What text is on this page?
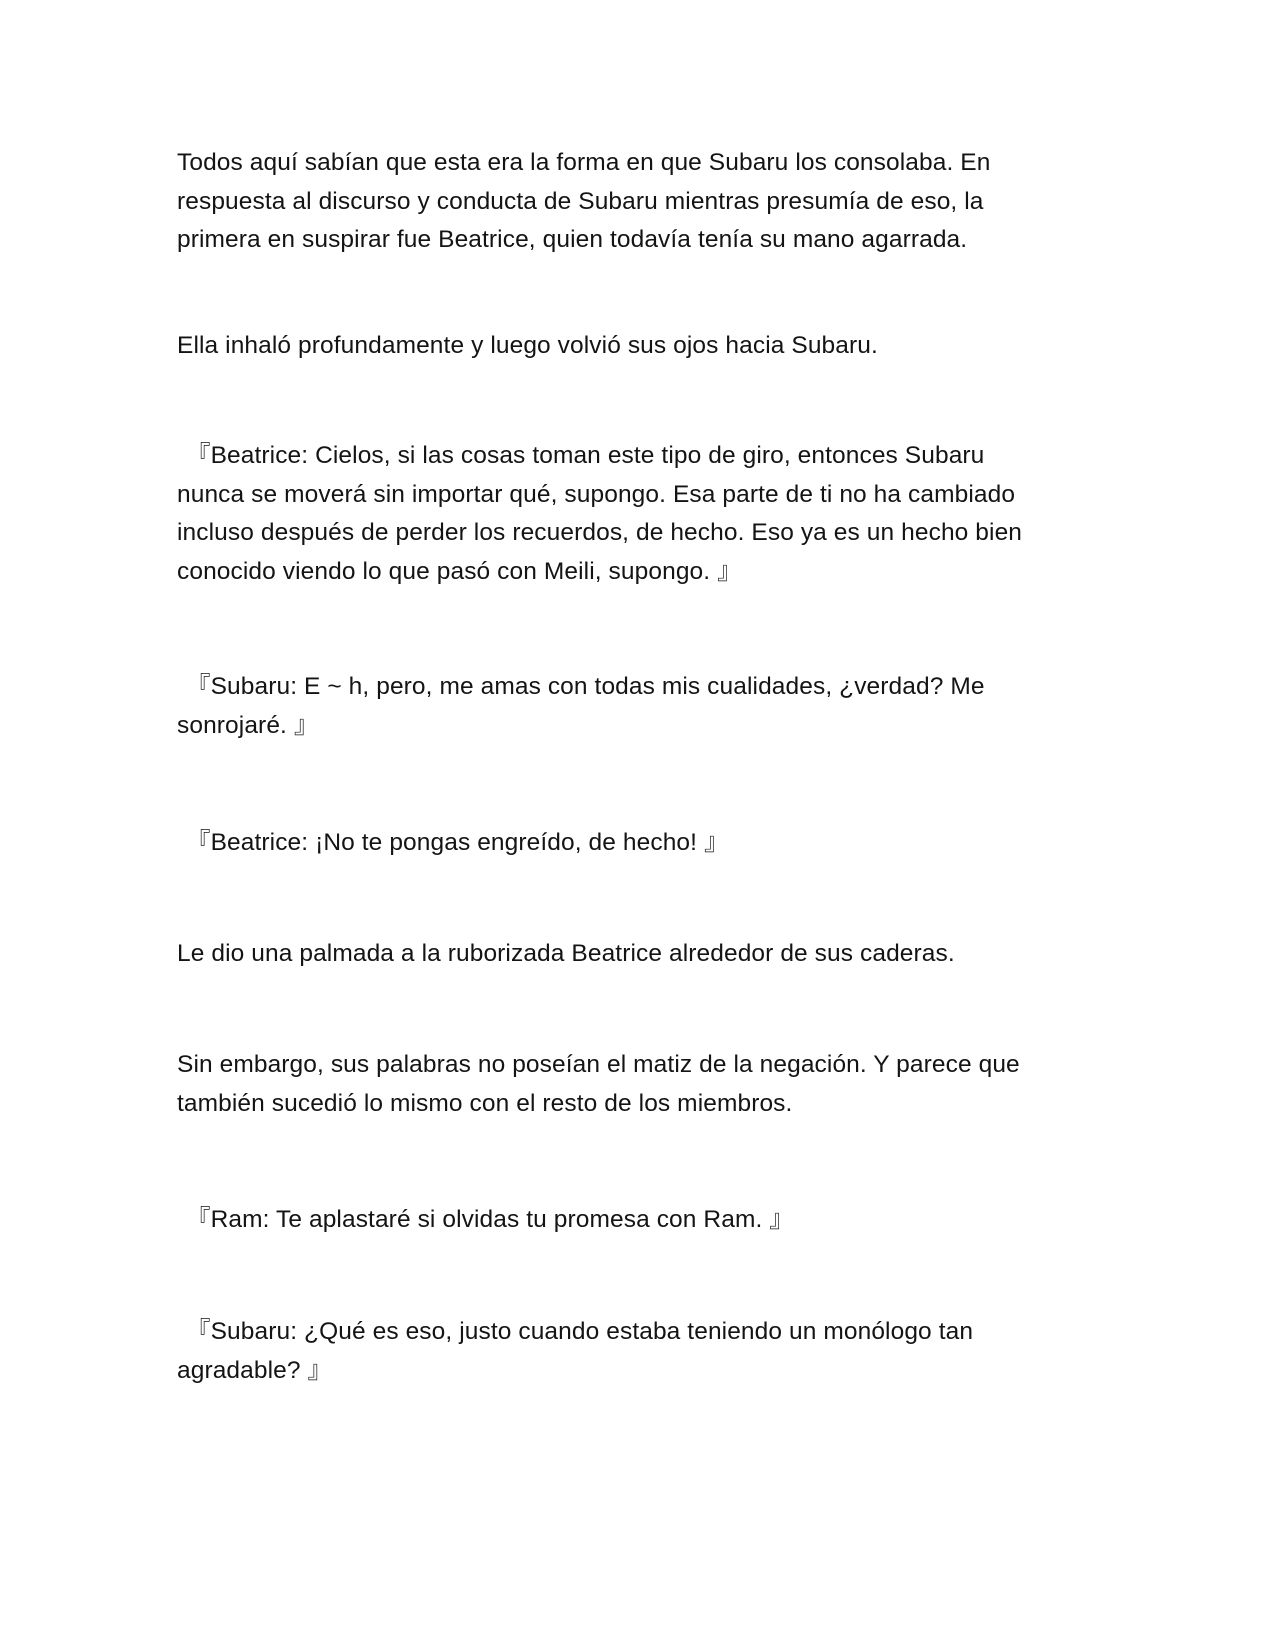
Todos aquí sabían que esta era la forma en que Subaru los consolaba. En
respuesta al discurso y conducta de Subaru mientras presumía de eso, la
primera en suspirar fue Beatrice, quien todavía tenía su mano agarrada.

Ella inhaló profundamente y luego volvió sus ojos hacia Subaru.

『Beatrice: Cielos, si las cosas toman este tipo de giro, entonces Subaru
nunca se moverá sin importar qué, supongo. Esa parte de ti no ha cambiado
incluso después de perder los recuerdos, de hecho. Eso ya es un hecho bien
conocido viendo lo que pasó con Meili, supongo. 』

『Subaru: E ~ h, pero, me amas con todas mis cualidades, ¿verdad? Me
sonrojaré. 』

『Beatrice: ¡No te pongas engreído, de hecho! 』

Le dio una palmada a la ruborizada Beatrice alrededor de sus caderas.

Sin embargo, sus palabras no poseían el matiz de la negación. Y parece que
también sucedió lo mismo con el resto de los miembros.

『Ram: Te aplastaré si olvidas tu promesa con Ram. 』

『Subaru: ¿Qué es eso, justo cuando estaba teniendo un monólogo tan
agradable? 』
